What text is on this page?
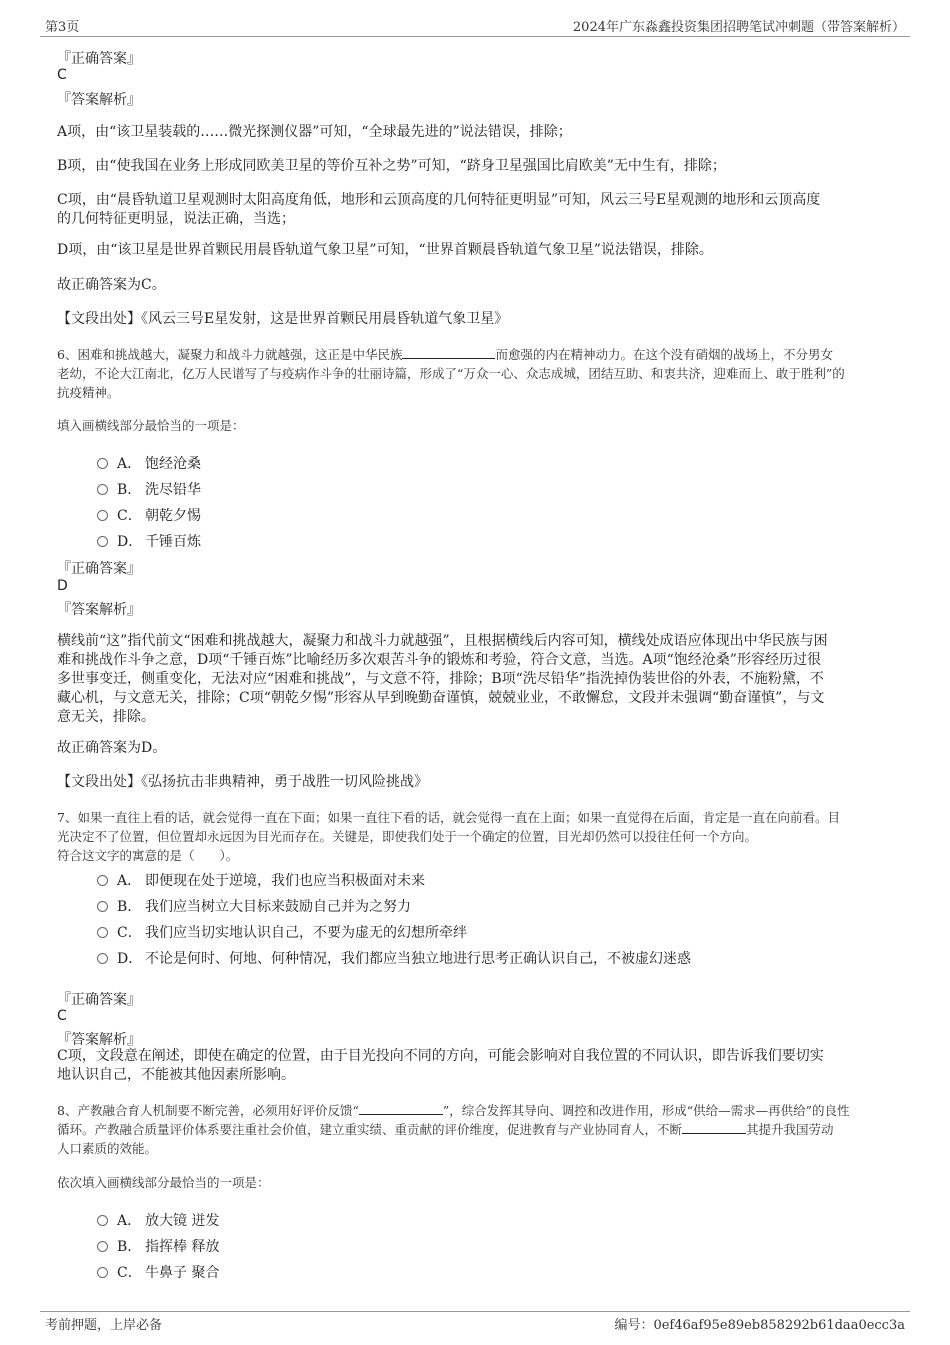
第3页	2024年广东淼鑫投资集团招聘笔试冲刺题（带答案解析）
『正确答案』
C
『答案解析』
A项，由“该卫星装载的……微光探测仪器”可知，“全球最先进的”说法错误，排除；
B项，由“使我国在业务上形成同欧美卫星的等价互补之势”可知，“跻身卫星强国比肩欧美”无中生有，排除；
C项，由“晨昏轨道卫星观测时太阳高度角低，地形和云顶高度的几何特征更明显”可知，风云三号E星观测的地形和云顶高度
的几何特征更明显，说法正确，当选；
D项，由“该卫星是世界首颗民用晨昏轨道气象卫星”可知，“世界首颗晨昏轨道气象卫星”说法错误，排除。
故正确答案为C。
【文段出处】《风云三号E星发射，这是世界首颗民用晨昏轨道气象卫星》
6、困难和挑战越大，凝聚力和战斗力就越强，这正是中华民族	而愈强的内在精神动力。在这个没有硝烟的战场上，不分男女
老幼，不论大江南北，亿万人民谱写了与疫病作斗争的壮丽诗篇，形成了“万众一心、众志成城，团结互助、和衷共济，迎难而上、敢于胜利”的
抗疫精神。
填入画横线部分最恰当的一项是：
A． 饱经沧桑
B. 洗尽铅华
C． 朝乾夕惕
D． 千锤百炼
『正确答案』
D
『答案解析』
横线前“这”指代前文“困难和挑战越大，凝聚力和战斗力就越强”，且根据横线后内容可知，横线处成语应体现出中华民族与困
难和挑战作斗争之意，D项“千锤百炼”比喻经历多次艰苦斗争的锻炼和考验，符合文意，当选。A项“饱经沧桑”形容经历过很
多世事变迁，侧重变化，无法对应“困难和挑战”，与文意不符，排除；B项“洗尽铅华”指洗掉伪装世俗的外表，不施粉黛，不
藏心机，与文意无关，排除；C项“朝乾夕惕”形容从早到晚勤奋谨慎，兢兢业业，不敢懈怠，文段并未强调“勤奋谨慎”，与文
意无关，排除。
故正确答案为D。
【文段出处】《弘扬抗击非典精神，勇于战胜一切风险挑战》
7、如果一直往上看的话，就会觉得一直在下面；如果一直往下看的话，就会觉得一直在上面；如果一直觉得在后面，肯定是一直在向前看。目
光决定不了位置，但位置却永远因为目光而存在。关键是，即使我们处于一个确定的位置，目光却仍然可以投往任何一个方向。
符合这文字的寓意的是（　　）。
A． 即便现在处于逆境，我们也应当积极面对未来
B. 我们应当树立大目标来鼓励自己并为之努力
C． 我们应当切实地认识自己，不要为虚无的幻想所牵绊
D． 不论是何时、何地、何种情况，我们都应当独立地进行思考正确认识自己，不被虚幻迷惑
『正确答案』
C
『答案解析』
C项，文段意在阐述，即使在确定的位置，由于目光投向不同的方向，可能会影响对自我位置的不同认识，即告诉我们要切实
地认识自己，不能被其他因素所影响。
8、产教融合育人机制要不断完善，必须用好评价反馈“	”，综合发挥其导向、调控和改进作用，形成“供给—需求—再供给”的良性
循环。产教融合质量评价体系要注重社会价值，建立重实绩、重贡献的评价维度，促进教育与产业协同育人，不断	其提升我国劳动
人口素质的效能。
依次填入画横线部分最恰当的一项是：
A． 放大镜 迸发
B. 指挥棒 释放
C． 牛鼻子 聚合
考前押题，上岸必备	编号：0ef46af95e89eb858292b61daa0ecc3a
